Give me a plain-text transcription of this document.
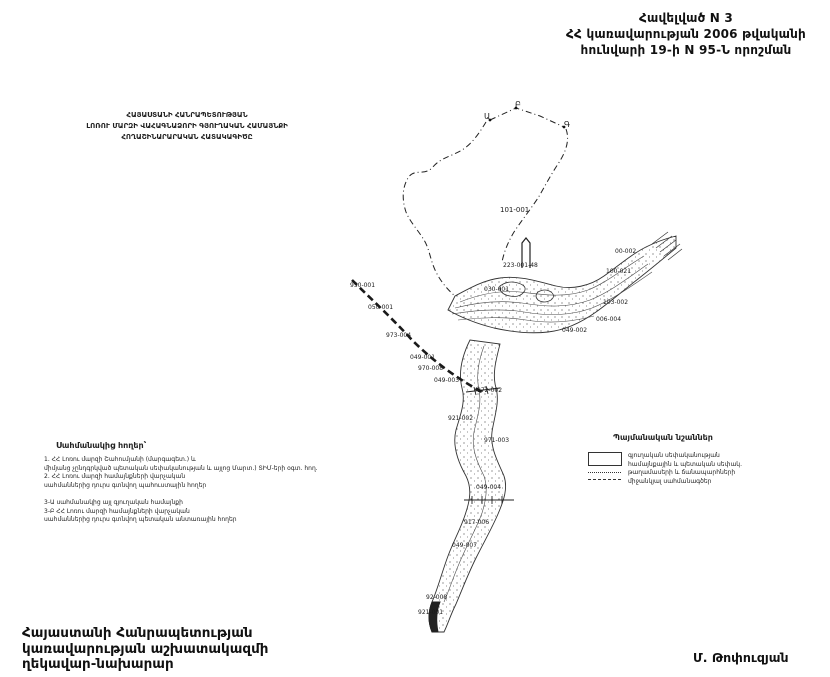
Ա
Բ
Գ
101-001
223-001-48
030-001
00-002
100-021
103-002
006-004
049-002
950-001
050-001
973-004
049-001
970-008
049-003
972-002
921-002
971-003
049-004
917-006
049-007
92-008
921-001
Հավելված N 3
ՀՀ կառավարության 2006 թվականի
հունվարի 19-ի N 95-Ն որոշման
ՀԱՅԱՍՏԱՆԻ ՀԱՆՐԱՊԵՏՈՒԹՅԱՆ
ԼՈՌՈՒ ՄԱՐԶԻ ՎԱՀԱԳՆԱՁՈՐԻ ԳՅՈՒՂԱԿԱՆ ՀԱՄԱՅՆՔԻ
ՀՈՂԱՇԻՆԱՐԱՐԱԿԱՆ ՀԱՏԱԿԱԳԻԾԸ
Սահմանակից հողեր՝
1. ՀՀ Լոռու մարզի Շահումյանի (մարգագետ.) և
միմյանց չընդգրկված պետական սեփականության և այլոց Մարտ.) ՏԻՄ-երի օգտ. հող.
2. ՀՀ Լոռու մարզի համայնքների վարչական
սահմաններից դուրս գտնվող պահուստային հողեր
3-Ա սահմանակից այլ գյուղական համայնքի
3-Բ ՀՀ Լոռու մարզի համայնքների վարչական
սահմաններից դուրս գտնվող պետական անտառային հողեր
Պայմանական նշաններ
գյուղական սեփականության
համայնքային և պետական սեփակ.
թաղամասերի և ճանապարհների
միջանկյալ սահմանագծեր
Հայաստանի Հանրապետության
կառավարության աշխատակազմի
ղեկավար-նախարար	Մ. Թոփուզյան
